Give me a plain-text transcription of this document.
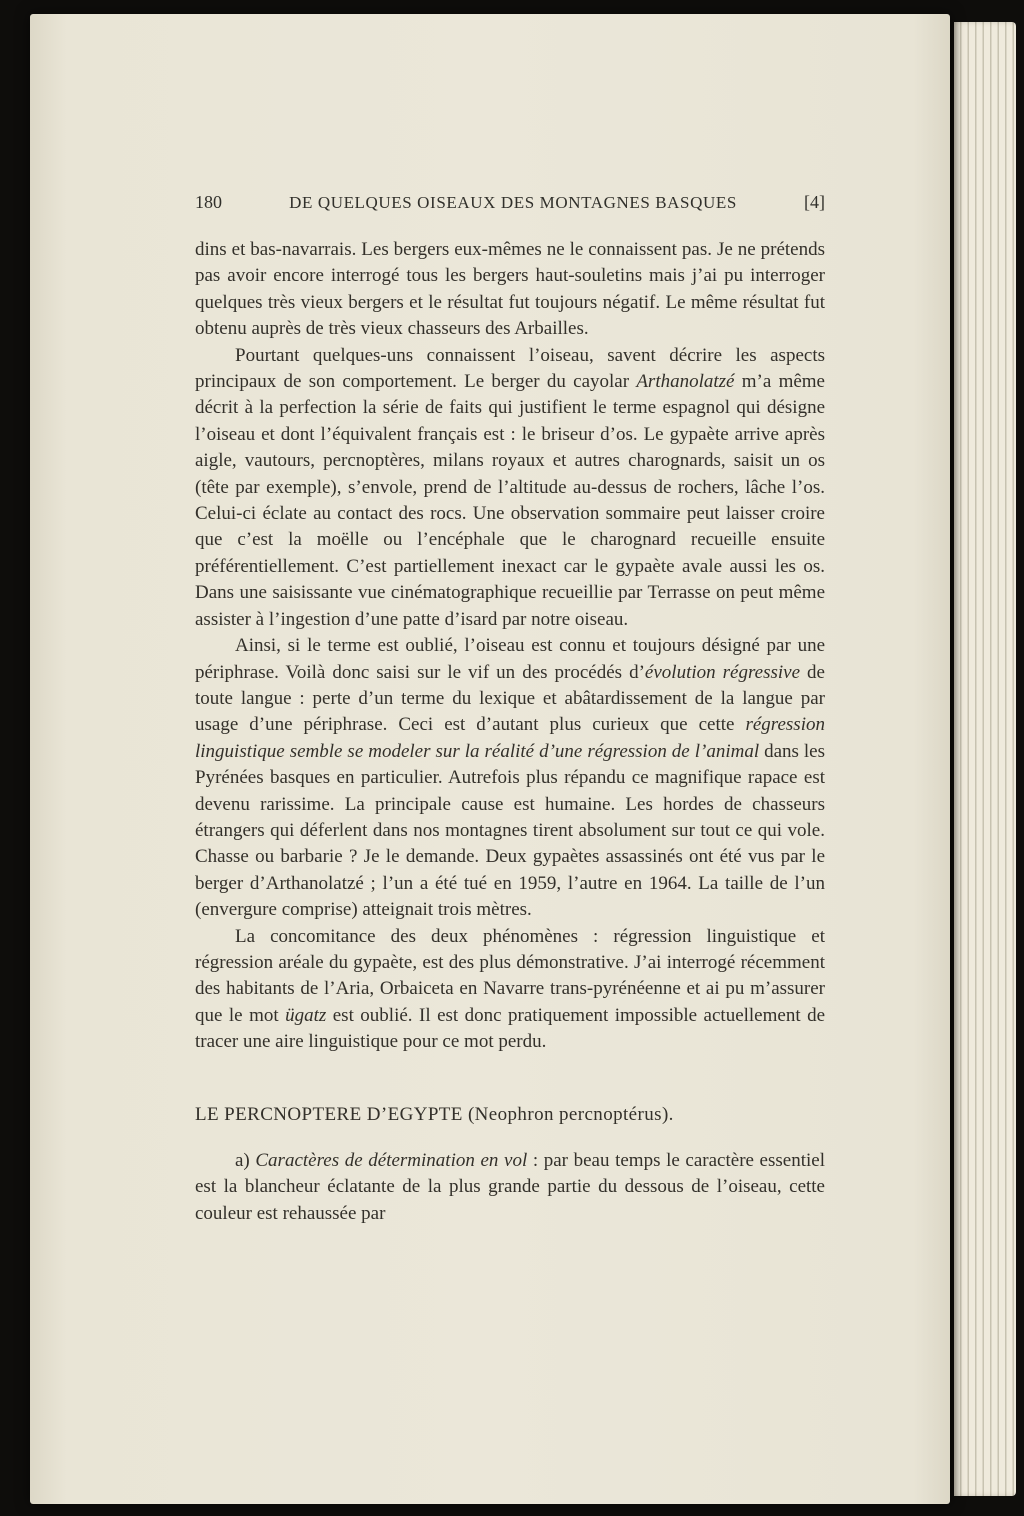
180	DE QUELQUES OISEAUX DES MONTAGNES BASQUES	[4]

dins et bas-navarrais. Les bergers eux-mêmes ne le connaissent pas. Je ne prétends pas avoir encore interrogé tous les bergers haut-souletins mais j’ai pu interroger quelques très vieux bergers et le résultat fut toujours négatif. Le même résultat fut obtenu auprès de très vieux chasseurs des Arbailles.

Pourtant quelques-uns connaissent l’oiseau, savent décrire les aspects principaux de son comportement. Le berger du cayolar Arthanolatzé m’a même décrit à la perfection la série de faits qui justifient le terme espagnol qui désigne l’oiseau et dont l’équivalent français est : le briseur d’os. Le gypaète arrive après aigle, vautours, percnoptères, milans royaux et autres charognards, saisit un os (tête par exemple), s’envole, prend de l’altitude au-dessus de rochers, lâche l’os. Celui-ci éclate au contact des rocs. Une observation sommaire peut laisser croire que c’est la moëlle ou l’encéphale que le charognard recueille ensuite préférentiellement. C’est partiellement inexact car le gypaète avale aussi les os. Dans une saisissante vue cinématographique recueillie par Terrasse on peut même assister à l’ingestion d’une patte d’isard par notre oiseau.

Ainsi, si le terme est oublié, l’oiseau est connu et toujours désigné par une périphrase. Voilà donc saisi sur le vif un des procédés d’évolution régressive de toute langue : perte d’un terme du lexique et abâtardissement de la langue par usage d’une périphrase. Ceci est d’autant plus curieux que cette régression linguistique semble se modeler sur la réalité d’une régression de l’animal dans les Pyrénées basques en particulier. Autrefois plus répandu ce magnifique rapace est devenu rarissime. La principale cause est humaine. Les hordes de chasseurs étrangers qui déferlent dans nos montagnes tirent absolument sur tout ce qui vole. Chasse ou barbarie ? Je le demande. Deux gypaètes assassinés ont été vus par le berger d’Arthanolatzé ; l’un a été tué en 1959, l’autre en 1964. La taille de l’un (envergure comprise) atteignait trois mètres.

La concomitance des deux phénomènes : régression linguistique et régression aréale du gypaète, est des plus démonstrative. J’ai interrogé récemment des habitants de l’Aria, Orbaiceta en Navarre trans-pyrénéenne et ai pu m’assurer que le mot ügatz est oublié. Il est donc pratiquement impossible actuellement de tracer une aire linguistique pour ce mot perdu.

LE PERCNOPTERE D’EGYPTE (Neophron percnoptérus).

a) Caractères de détermination en vol : par beau temps le caractère essentiel est la blancheur éclatante de la plus grande partie du dessous de l’oiseau, cette couleur est rehaussée par
